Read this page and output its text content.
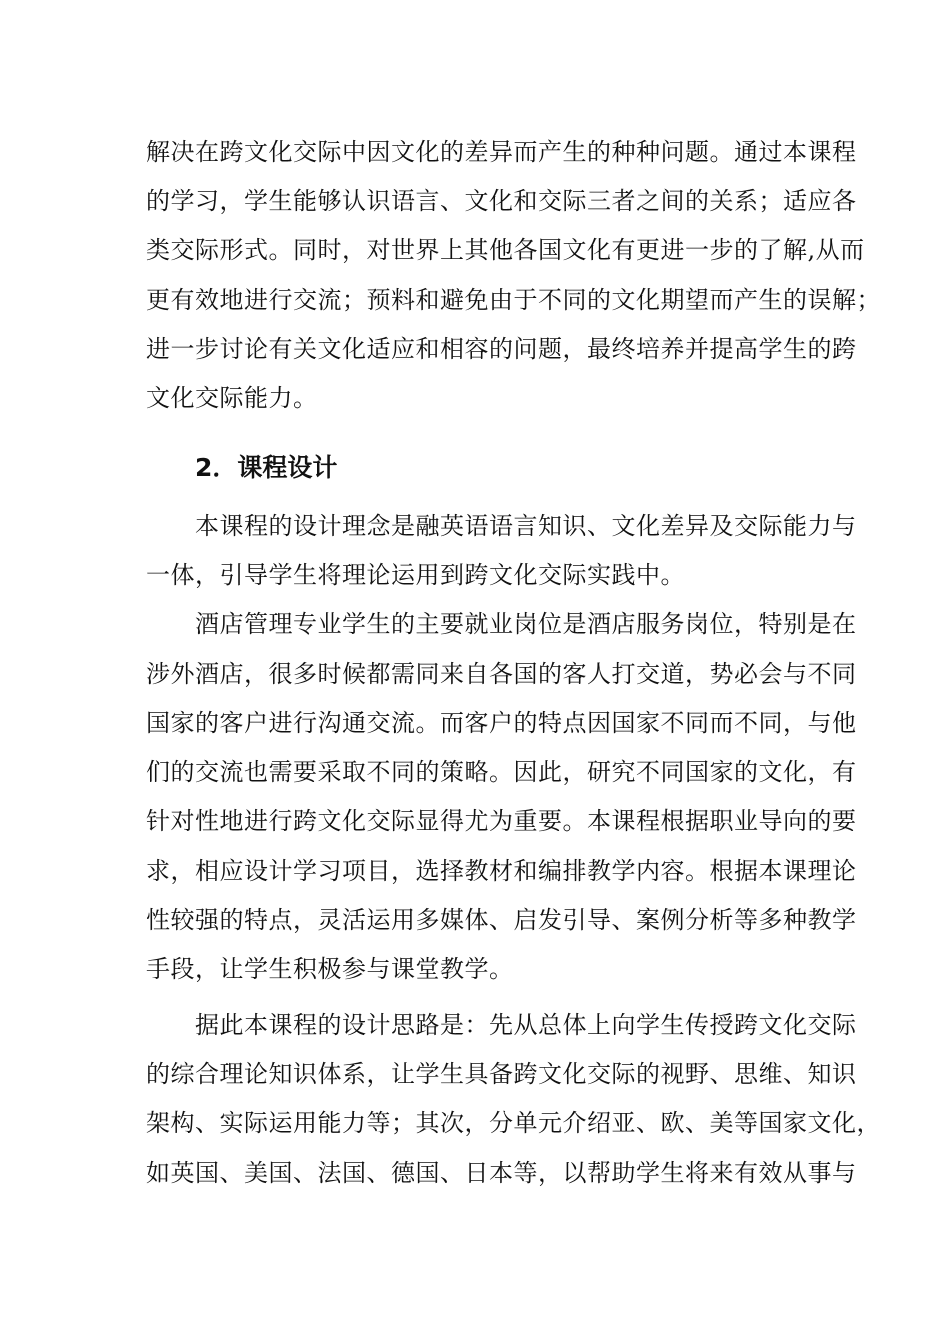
解决在跨文化交际中因文化的差异而产生的种种问题。通过本课程
的学习，学生能够认识语言、文化和交际三者之间的关系；适应各
类交际形式。同时，对世界上其他各国文化有更进一步的了解,从而
更有效地进行交流；预料和避免由于不同的文化期望而产生的误解；
进一步讨论有关文化适应和相容的问题，最终培养并提高学生的跨
文化交际能力。
2．课程设计
本课程的设计理念是融英语语言知识、文化差异及交际能力与
一体，引导学生将理论运用到跨文化交际实践中。
酒店管理专业学生的主要就业岗位是酒店服务岗位，特别是在
涉外酒店，很多时候都需同来自各国的客人打交道，势必会与不同
国家的客户进行沟通交流。而客户的特点因国家不同而不同，与他
们的交流也需要采取不同的策略。因此，研究不同国家的文化，有
针对性地进行跨文化交际显得尤为重要。本课程根据职业导向的要
求，相应设计学习项目，选择教材和编排教学内容。根据本课理论
性较强的特点，灵活运用多媒体、启发引导、案例分析等多种教学
手段，让学生积极参与课堂教学。
据此本课程的设计思路是：先从总体上向学生传授跨文化交际
的综合理论知识体系，让学生具备跨文化交际的视野、思维、知识
架构、实际运用能力等；其次，分单元介绍亚、欧、美等国家文化，
如英国、美国、法国、德国、日本等，以帮助学生将来有效从事与
